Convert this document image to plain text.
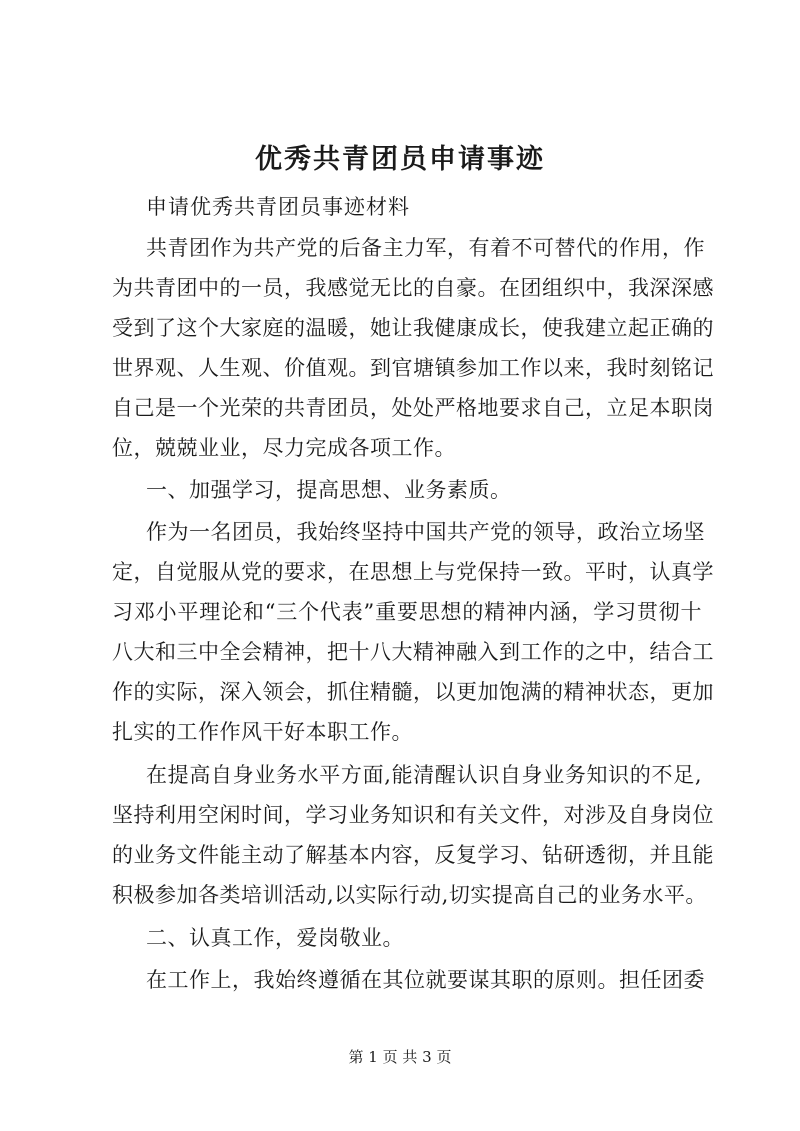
优秀共青团员申请事迹
申请优秀共青团员事迹材料
共青团作为共产党的后备主力军，有着不可替代的作用，作
为共青团中的一员，我感觉无比的自豪。在团组织中，我深深感
受到了这个大家庭的温暖，她让我健康成长，使我建立起正确的
世界观、人生观、价值观。到官塘镇参加工作以来，我时刻铭记
自己是一个光荣的共青团员，处处严格地要求自己，立足本职岗
位，兢兢业业，尽力完成各项工作。
一、加强学习，提高思想、业务素质。
作为一名团员，我始终坚持中国共产党的领导，政治立场坚
定，自觉服从党的要求，在思想上与党保持一致。平时，认真学
习邓小平理论和“三个代表”重要思想的精神内涵，学习贯彻十
八大和三中全会精神，把十八大精神融入到工作的之中，结合工
作的实际，深入领会，抓住精髓，以更加饱满的精神状态，更加
扎实的工作作风干好本职工作。
在提高自身业务水平方面,能清醒认识自身业务知识的不足,
坚持利用空闲时间，学习业务知识和有关文件，对涉及自身岗位
的业务文件能主动了解基本内容，反复学习、钻研透彻，并且能
积极参加各类培训活动,以实际行动,切实提高自己的业务水平。
二、认真工作，爱岗敬业。
在工作上，我始终遵循在其位就要谋其职的原则。担任团委
第 1 页 共 3 页
